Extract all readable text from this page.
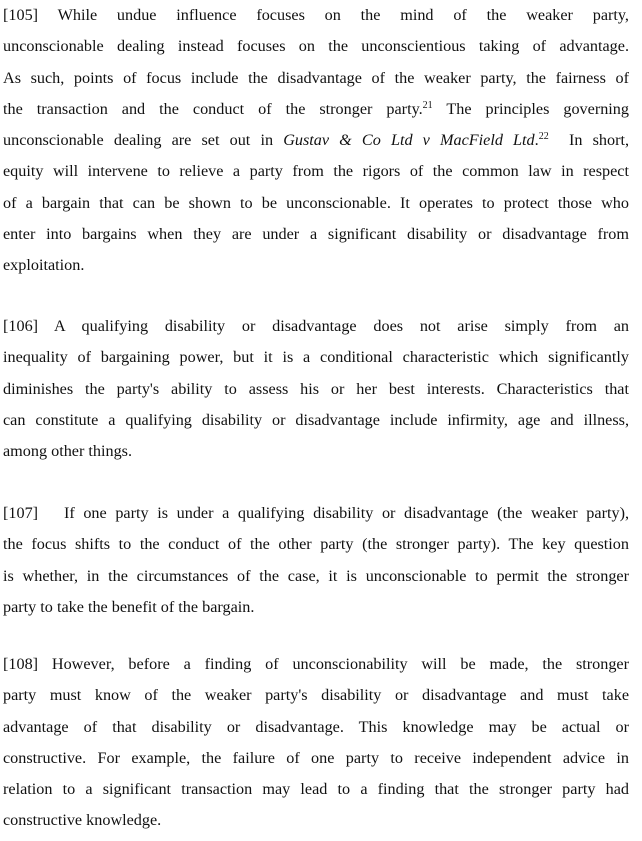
[105] While undue influence focuses on the mind of the weaker party,
unconscionable dealing instead focuses on the unconscientious taking of advantage.
As such, points of focus include the disadvantage of the weaker party, the fairness of
the transaction and the conduct of the stronger party.$^{21}$ The principles governing
unconscionable dealing are set out in Gustav & Co Ltd v MacField Ltd.$^{22}$ In short,
equity will intervene to relieve a party from the rigors of the common law in respect
of a bargain that can be shown to be unconscionable. It operates to protect those who
enter into bargains when they are under a significant disability or disadvantage from
exploitation.
[106] A qualifying disability or disadvantage does not arise simply from an
inequality of bargaining power, but it is a conditional characteristic which significantly
diminishes the party's ability to assess his or her best interests. Characteristics that
can constitute a qualifying disability or disadvantage include infirmity, age and illness,
among other things.
[107] If one party is under a qualifying disability or disadvantage (the weaker party),
the focus shifts to the conduct of the other party (the stronger party). The key question
is whether, in the circumstances of the case, it is unconscionable to permit the stronger
party to take the benefit of the bargain.
[108] However, before a finding of unconscionability will be made, the stronger
party must know of the weaker party's disability or disadvantage and must take
advantage of that disability or disadvantage. This knowledge may be actual or
constructive. For example, the failure of one party to receive independent advice in
relation to a significant transaction may lead to a finding that the stronger party had
constructive knowledge.
